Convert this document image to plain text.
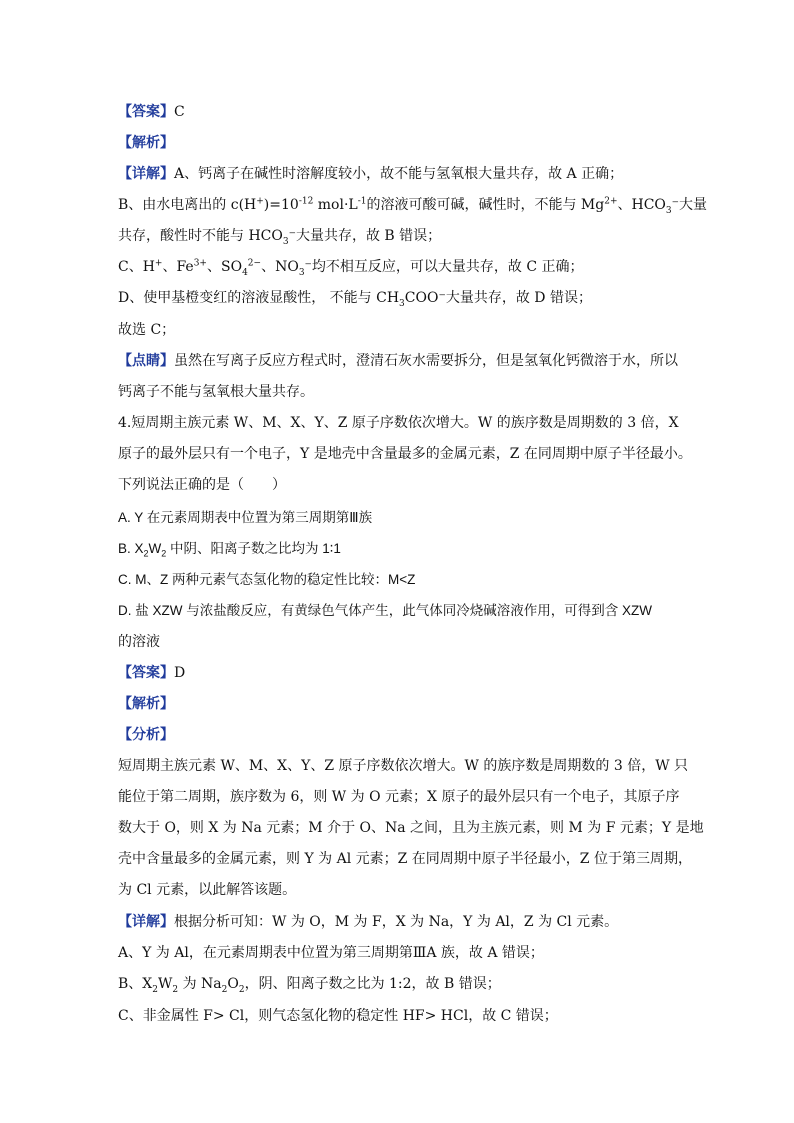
【答案】C
【解析】
【详解】A、钙离子在碱性时溶解度较小，故不能与氢氧根大量共存，故 A 正确；
B、由水电离出的 $c(H^+)=10^{-12}$ $mol\cdot L^{-1}$的溶液可酸可碱，碱性时，不能与 $Mg^{2+}$、$HCO_3^-$大量
共存，酸性时不能与 $HCO_3^-$大量共存，故 B 错误；
C、H+、$Fe^{3+}$、$SO_4^{2-}$、$NO_3^-$均不相互反应，可以大量共存，故 C 正确；
D、使甲基橙变红的溶液显酸性， 不能与 $CH_3COO^-$大量共存，故 D 错误；
故选 C；
【点睛】虽然在写离子反应方程式时，澄清石灰水需要拆分，但是氢氧化钙微溶于水，所以
钙离子不能与氢氧根大量共存。
4.短周期主族元素 W、M、X、Y、Z 原子序数依次增大。W 的族序数是周期数的 3 倍，X
原子的最外层只有一个电子，Y 是地壳中含量最多的金属元素，Z 在同周期中原子半径最小。
下列说法正确的是（　　）
A. Y 在元素周期表中位置为第三周期第Ⅲ族
B. $X_2W_2$ 中阴、阳离子数之比均为 1∶1
C. M、Z 两种元素气态氢化物的稳定性比较：M<Z
D. 盐 XZW 与浓盐酸反应，有黄绿色气体产生，此气体同冷烧碱溶液作用，可得到含 XZW
的溶液
【答案】D
【解析】
【分析】
短周期主族元素 W、M、X、Y、Z 原子序数依次增大。W 的族序数是周期数的 3 倍，W 只
能位于第二周期，族序数为 6，则 W 为 O 元素；X 原子的最外层只有一个电子，其原子序
数大于 O，则 X 为 Na 元素；M 介于 O、Na 之间，且为主族元素，则 M 为 F 元素；Y 是地
壳中含量最多的金属元素，则 Y 为 Al 元素；Z 在同周期中原子半径最小，Z 位于第三周期，
为 Cl 元素，以此解答该题。
【详解】根据分析可知：W 为 O，M 为 F，X 为 Na，Y 为 Al，Z 为 Cl 元素。
A、Y 为 Al，在元素周期表中位置为第三周期第ⅢA 族，故 A 错误；
B、$X_2W_2$ 为 $Na_2O_2$，阴、阳离子数之比为 1:2，故 B 错误；
C、非金属性 F> Cl，则气态氢化物的稳定性 HF> HCl，故 C 错误；
